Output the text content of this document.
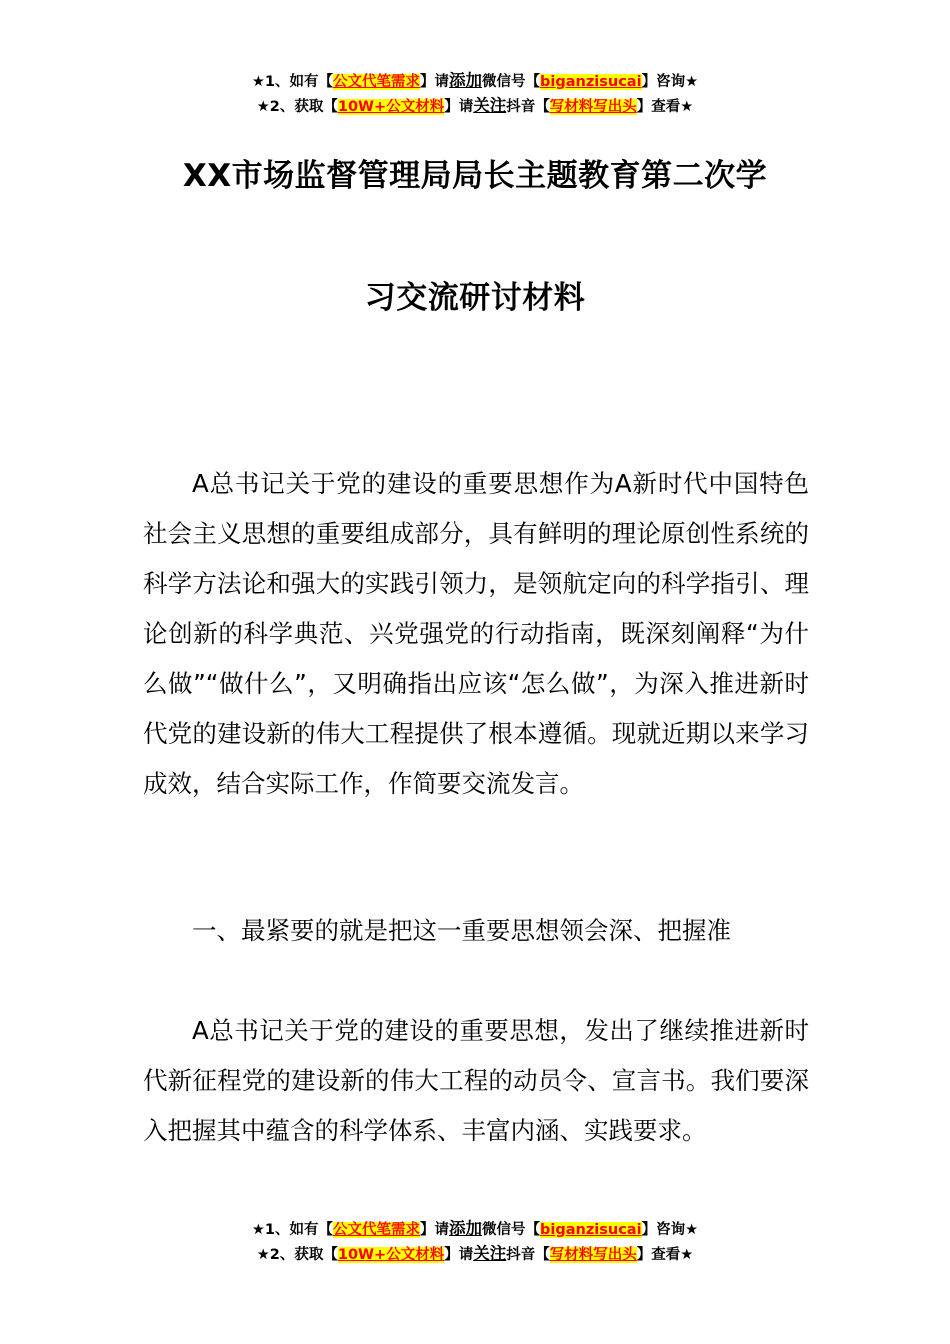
★1、如有【公文代笔需求】请添加微信号【biganzisucai】咨询★
★2、获取【10W+公文材料】请关注抖音【写材料写出头】查看★
XX市场监督管理局局长主题教育第二次学
习交流研讨材料

A总书记关于党的建设的重要思想作为A新时代中国特色社会主义思想的重要组成部分，具有鲜明的理论原创性系统的科学方法论和强大的实践引领力，是领航定向的科学指引、理论创新的科学典范、兴党强党的行动指南，既深刻阐释“为什么做”“做什么”，又明确指出应该“怎么做”，为深入推进新时代党的建设新的伟大工程提供了根本遵循。现就近期以来学习成效，结合实际工作，作简要交流发言。

一、最紧要的就是把这一重要思想领会深、把握准

A总书记关于党的建设的重要思想，发出了继续推进新时代新征程党的建设新的伟大工程的动员令、宣言书。我们要深入把握其中蕴含的科学体系、丰富内涵、实践要求。

★1、如有【公文代笔需求】请添加微信号【biganzisucai】咨询★
★2、获取【10W+公文材料】请关注抖音【写材料写出头】查看★
